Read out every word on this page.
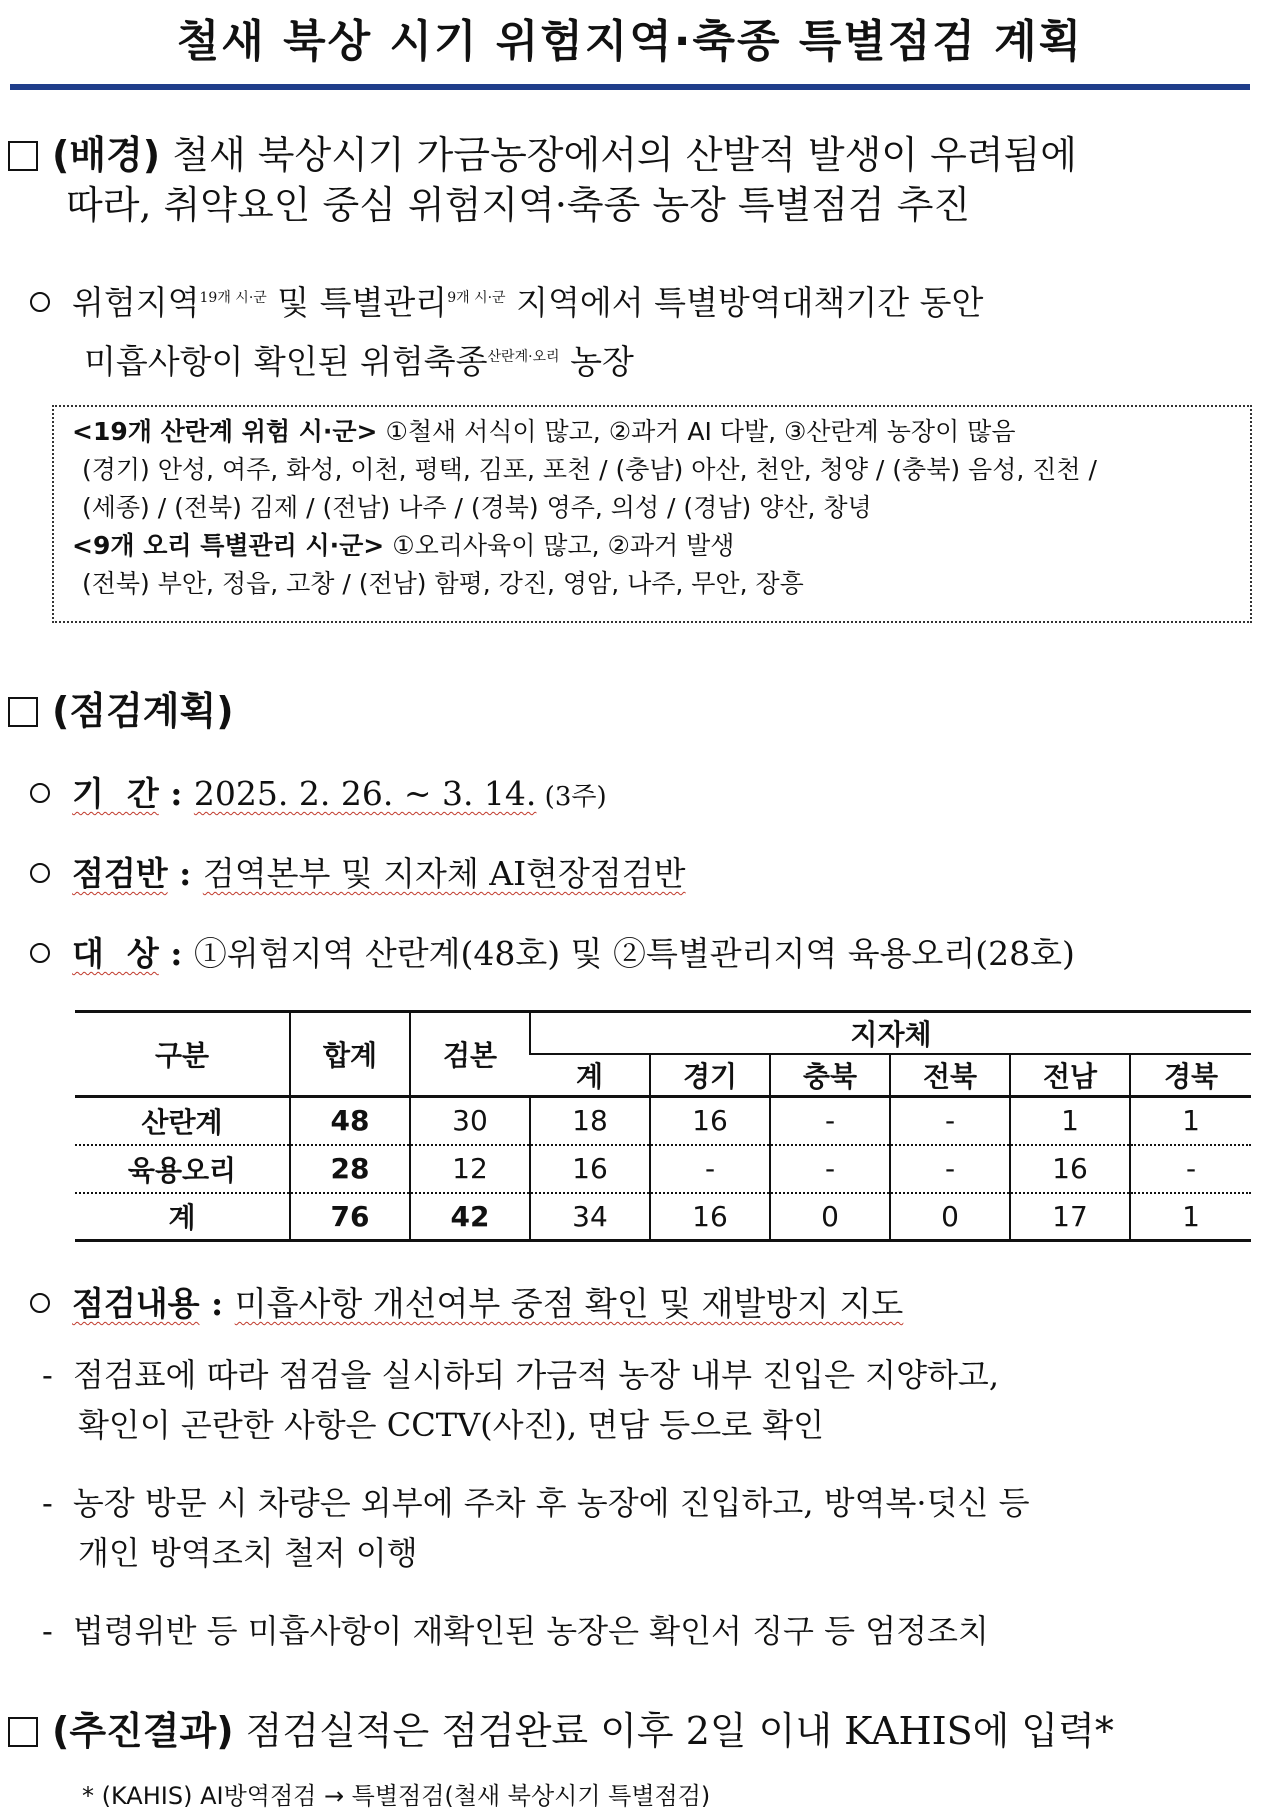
철새 북상 시기 위험지역·축종 특별점검 계획
(배경) 철새 북상시기 가금농장에서의 산발적 발생이 우려됨에
따라, 취약요인 중심 위험지역·축종 농장 특별점검 추진
위험지역$^{19개 시\cdot 군}$ 및 특별관리$^{9개 시\cdot 군}$ 지역에서 특별방역대책기간 동안
미흡사항이 확인된 위험축종$^{산란계\cdot 오리}$ 농장
<19개 산란계 위험 시·군> ①철새 서식이 많고, ②과거 AI 다발, ③산란계 농장이 많음
(경기) 안성, 여주, 화성, 이천, 평택, 김포, 포천 / (충남) 아산, 천안, 청양 / (충북) 음성, 진천 /
(세종) / (전북) 김제 / (전남) 나주 / (경북) 영주, 의성 / (경남) 양산, 창녕
<9개 오리 특별관리 시·군> ①오리사육이 많고, ②과거 발생
(전북) 부안, 정읍, 고창 / (전남) 함평, 강진, 영암, 나주, 무안, 장흥
(점검계획)
기  간 : 2025. 2. 26. ~ 3. 14. (3주)
점검반 : 검역본부 및 지자체 AI현장점검반
대  상 : ①위험지역 산란계(48호) 및 ②특별관리지역 육용오리(28호)
구분	합계	검본	지자체					
			계	경기	충북	전북	전남	경북
산란계	48	30	18	16	-	-	1	1
육용오리	28	12	16	-	-	-	16	-
계	76	42	34	16	0	0	17	1
점검내용 : 미흡사항 개선여부 중점 확인 및 재발방지 지도
- 점검표에 따라 점검을 실시하되 가금적 농장 내부 진입은 지양하고,
확인이 곤란한 사항은 CCTV(사진), 면담 등으로 확인
- 농장 방문 시 차량은 외부에 주차 후 농장에 진입하고, 방역복·덧신 등
개인 방역조치 철저 이행
- 법령위반 등 미흡사항이 재확인된 농장은 확인서 징구 등 엄정조치
(추진결과) 점검실적은 점검완료 이후 2일 이내 KAHIS에 입력*
* (KAHIS) AI방역점검 → 특별점검(철새 북상시기 특별점검)
